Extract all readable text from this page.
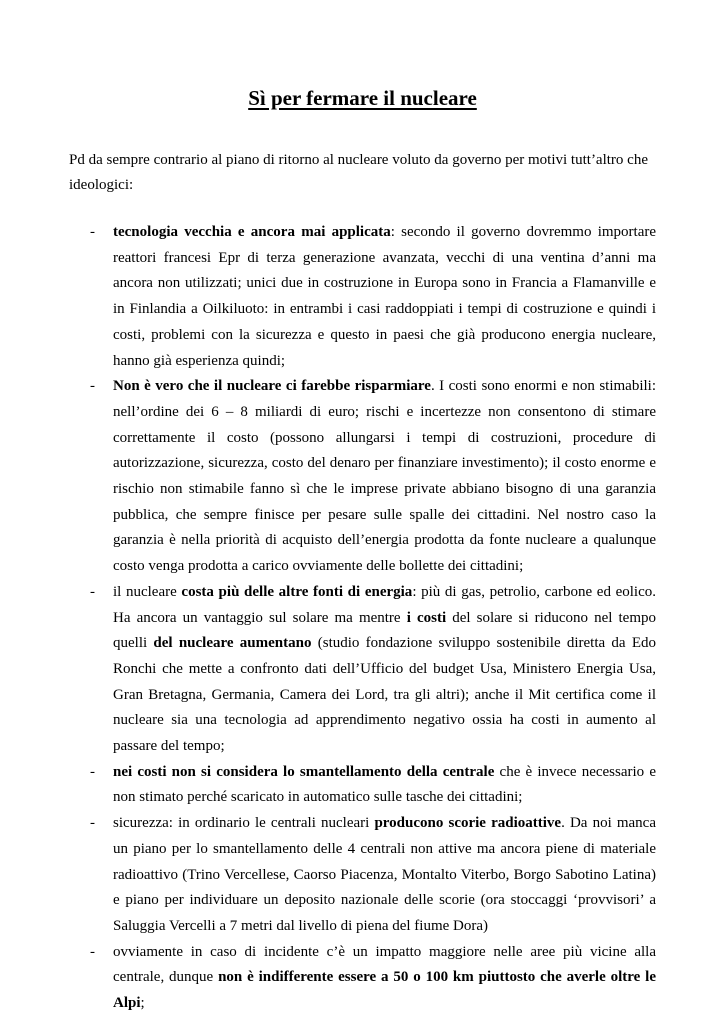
Sì per fermare il nucleare

Pd da sempre contrario al piano di ritorno al nucleare voluto da governo per motivi tutt’altro che ideologici:

- tecnologia vecchia e ancora mai applicata: secondo il governo dovremmo importare reattori francesi Epr di terza generazione avanzata, vecchi di una ventina d’anni ma ancora non utilizzati; unici due in costruzione in Europa sono in Francia a Flamanville e in Finlandia a Oilkiluoto: in entrambi i casi raddoppiati i tempi di costruzione e quindi i costi, problemi con la sicurezza e questo in paesi che già producono energia nucleare, hanno già esperienza quindi;
- Non è vero che il nucleare ci farebbe risparmiare. I costi sono enormi e non stimabili: nell’ordine dei 6 – 8 miliardi di euro; rischi e incertezze non consentono di stimare correttamente il costo (possono allungarsi i tempi di costruzioni, procedure di autorizzazione, sicurezza, costo del denaro per finanziare investimento); il costo enorme e rischio non stimabile fanno sì che le imprese private abbiano bisogno di una garanzia pubblica, che sempre finisce per pesare sulle spalle dei cittadini. Nel nostro caso la garanzia è nella priorità di acquisto dell’energia prodotta da fonte nucleare a qualunque costo venga prodotta a carico ovviamente delle bollette dei cittadini;
- il nucleare costa più delle altre fonti di energia: più di gas, petrolio, carbone ed eolico. Ha ancora un vantaggio sul solare ma mentre i costi del solare si riducono nel tempo quelli del nucleare aumentano (studio fondazione sviluppo sostenibile diretta da Edo Ronchi che mette a confronto dati dell’Ufficio del budget Usa, Ministero Energia Usa, Gran Bretagna, Germania, Camera dei Lord, tra gli altri); anche il Mit certifica come il nucleare sia una tecnologia ad apprendimento negativo ossia ha costi in aumento al passare del tempo;
- nei costi non si considera lo smantellamento della centrale che è invece necessario e non stimato perché scaricato in automatico sulle tasche dei cittadini;
- sicurezza: in ordinario le centrali nucleari producono scorie radioattive. Da noi manca un piano per lo smantellamento delle 4 centrali non attive ma ancora piene di materiale radioattivo (Trino Vercellese, Caorso Piacenza, Montalto Viterbo, Borgo Sabotino Latina) e piano per individuare un deposito nazionale delle scorie (ora stoccaggi ‘provvisori’ a Saluggia Vercelli a 7 metri dal livello di piena del fiume Dora)
- ovviamente in caso di incidente c’è un impatto maggiore nelle aree più vicine alla centrale, dunque non è indifferente essere a 50 o 100 km piuttosto che averle oltre le Alpi;
